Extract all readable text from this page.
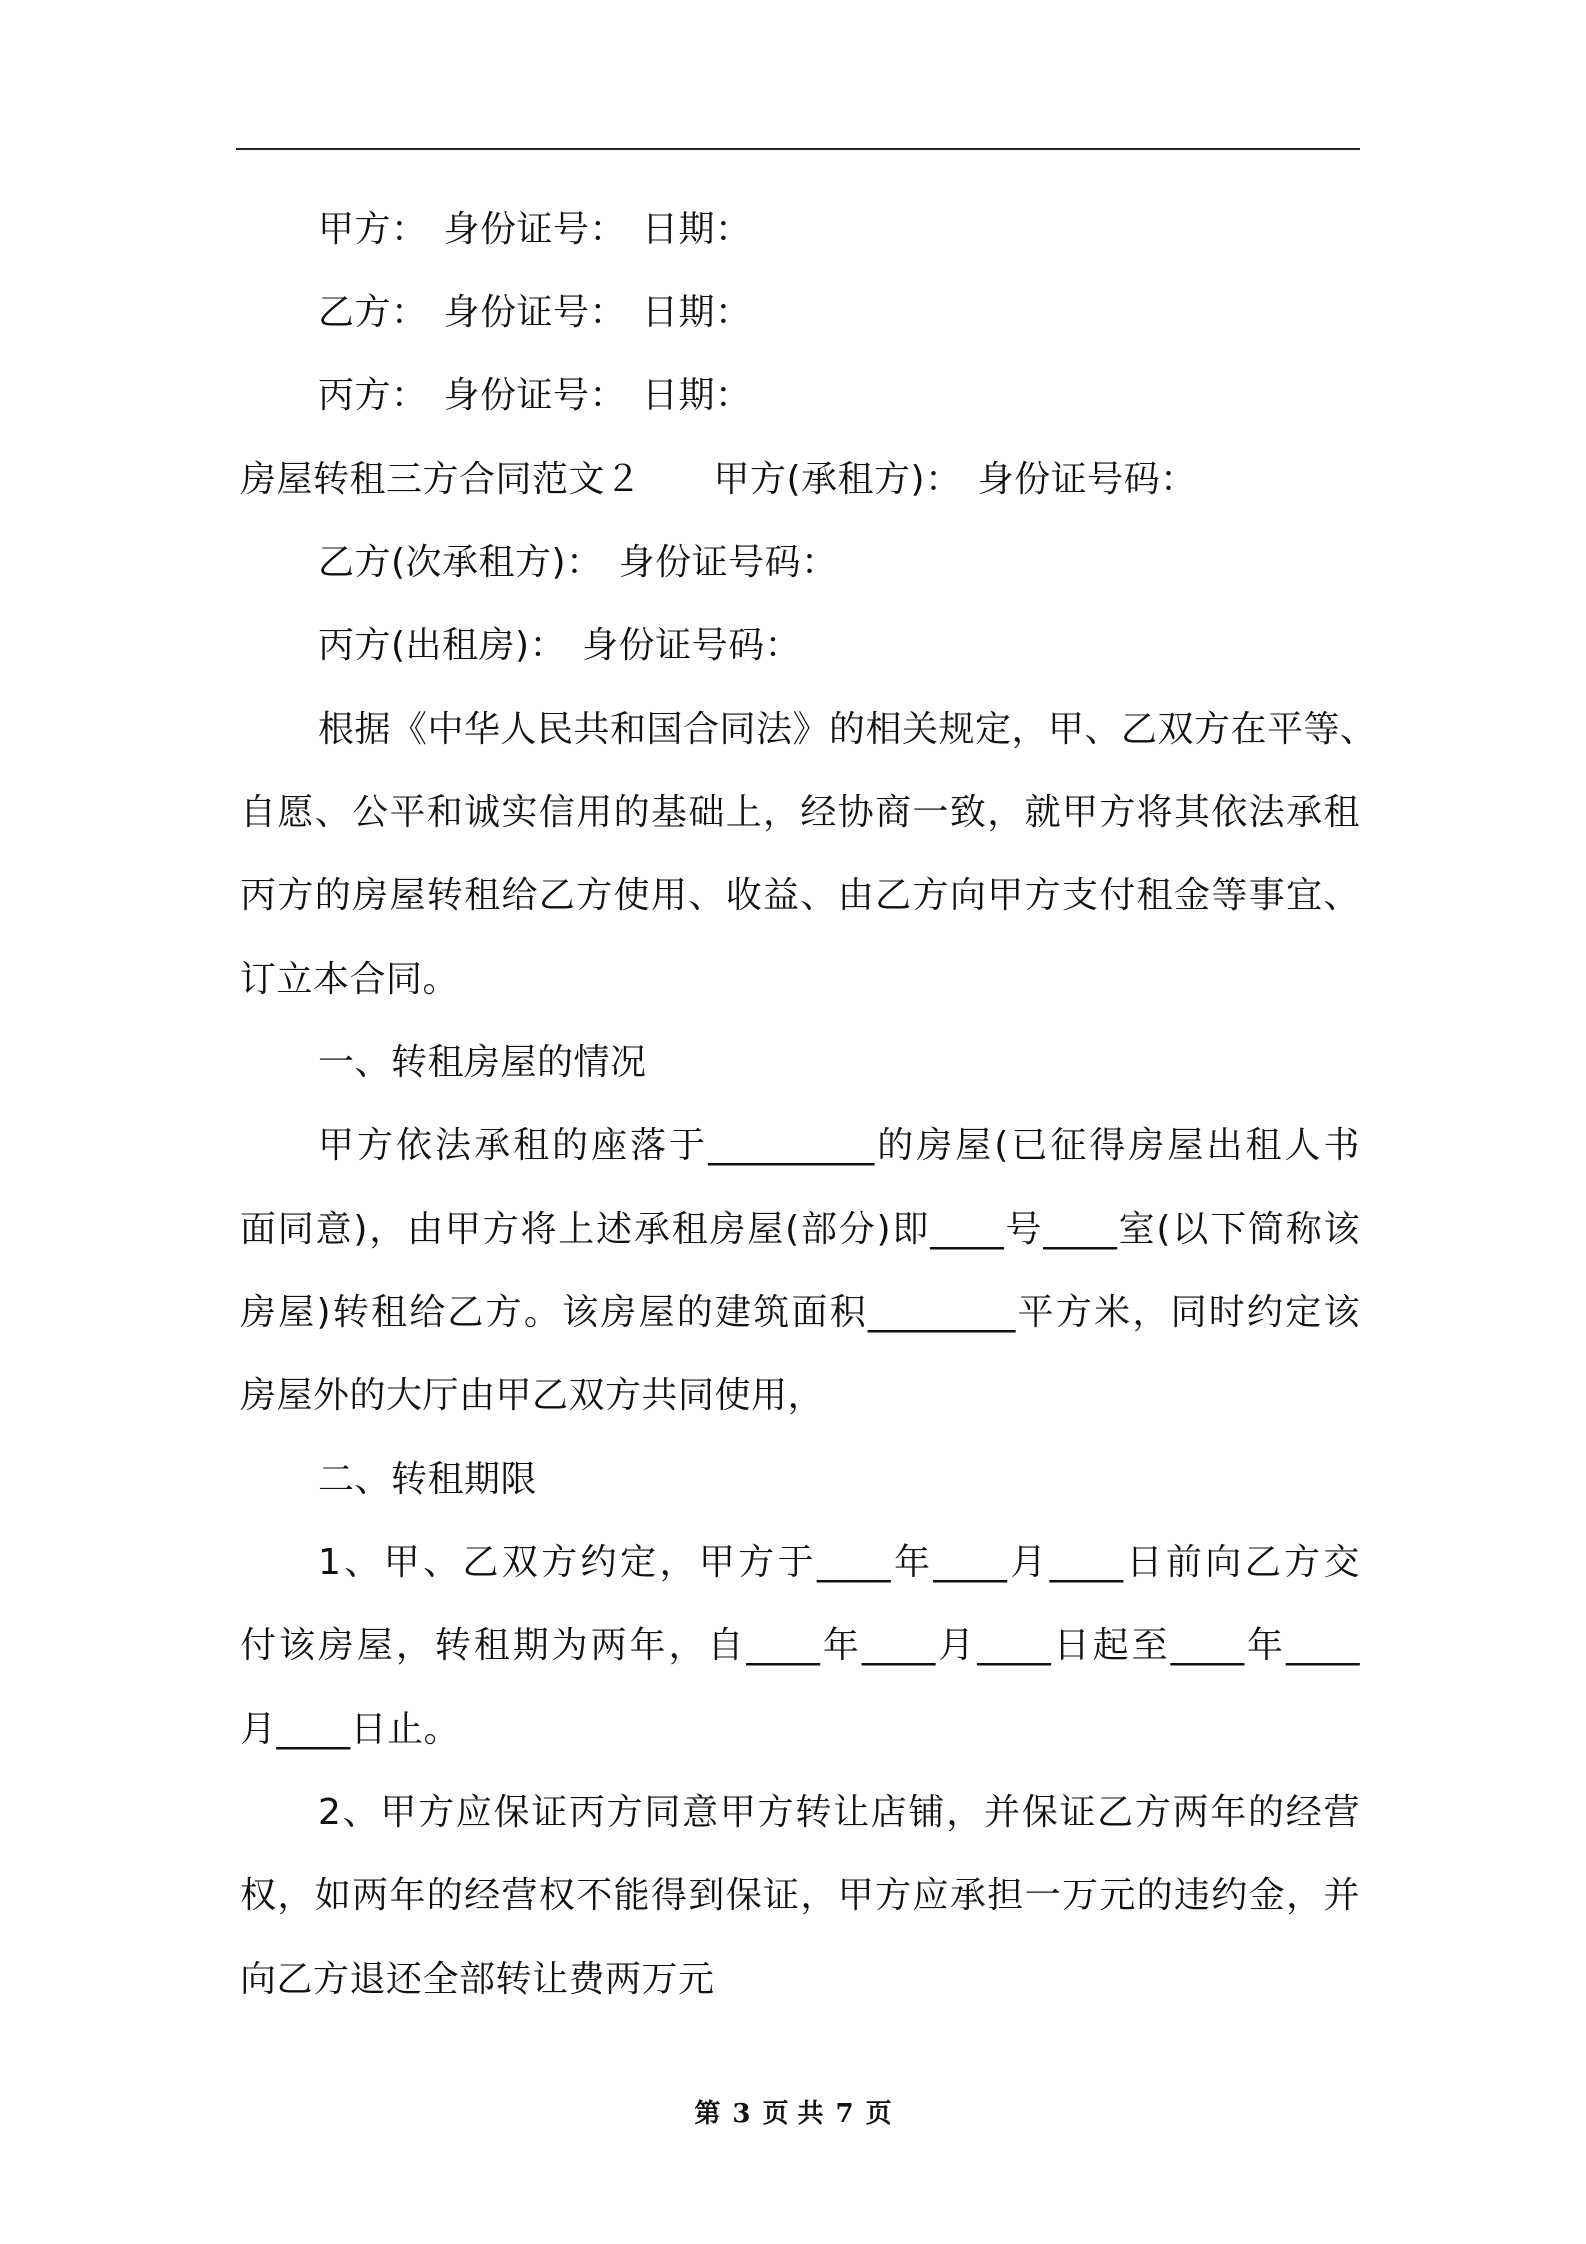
甲方： 身份证号： 日期：
乙方： 身份证号： 日期：
丙方： 身份证号： 日期：
房屋转租三方合同范文２ 甲方(承租方)： 身份证号码：
乙方(次承租方)： 身份证号码：
丙方(出租房)： 身份证号码：
根据《中华人民共和国合同法》的相关规定，甲、乙双方在平等、
自愿、公平和诚实信用的基础上，经协商一致，就甲方将其依法承租
丙方的房屋转租给乙方使用、收益、由乙方向甲方支付租金等事宜、
订立本合同。
一、转租房屋的情况
甲方依法承租的座落于_________的房屋(已征得房屋出租人书
面同意)，由甲方将上述承租房屋(部分)即____号____室(以下简称该
房屋)转租给乙方。该房屋的建筑面积________平方米，同时约定该
房屋外的大厅由甲乙双方共同使用，
二、转租期限
1、甲、乙双方约定，甲方于____年____月____日前向乙方交
付该房屋，转租期为两年，自____年____月____日起至____年____
月____日止。
2、甲方应保证丙方同意甲方转让店铺，并保证乙方两年的经营
权，如两年的经营权不能得到保证，甲方应承担一万元的违约金，并
向乙方退还全部转让费两万元
第 3 页 共 7 页
